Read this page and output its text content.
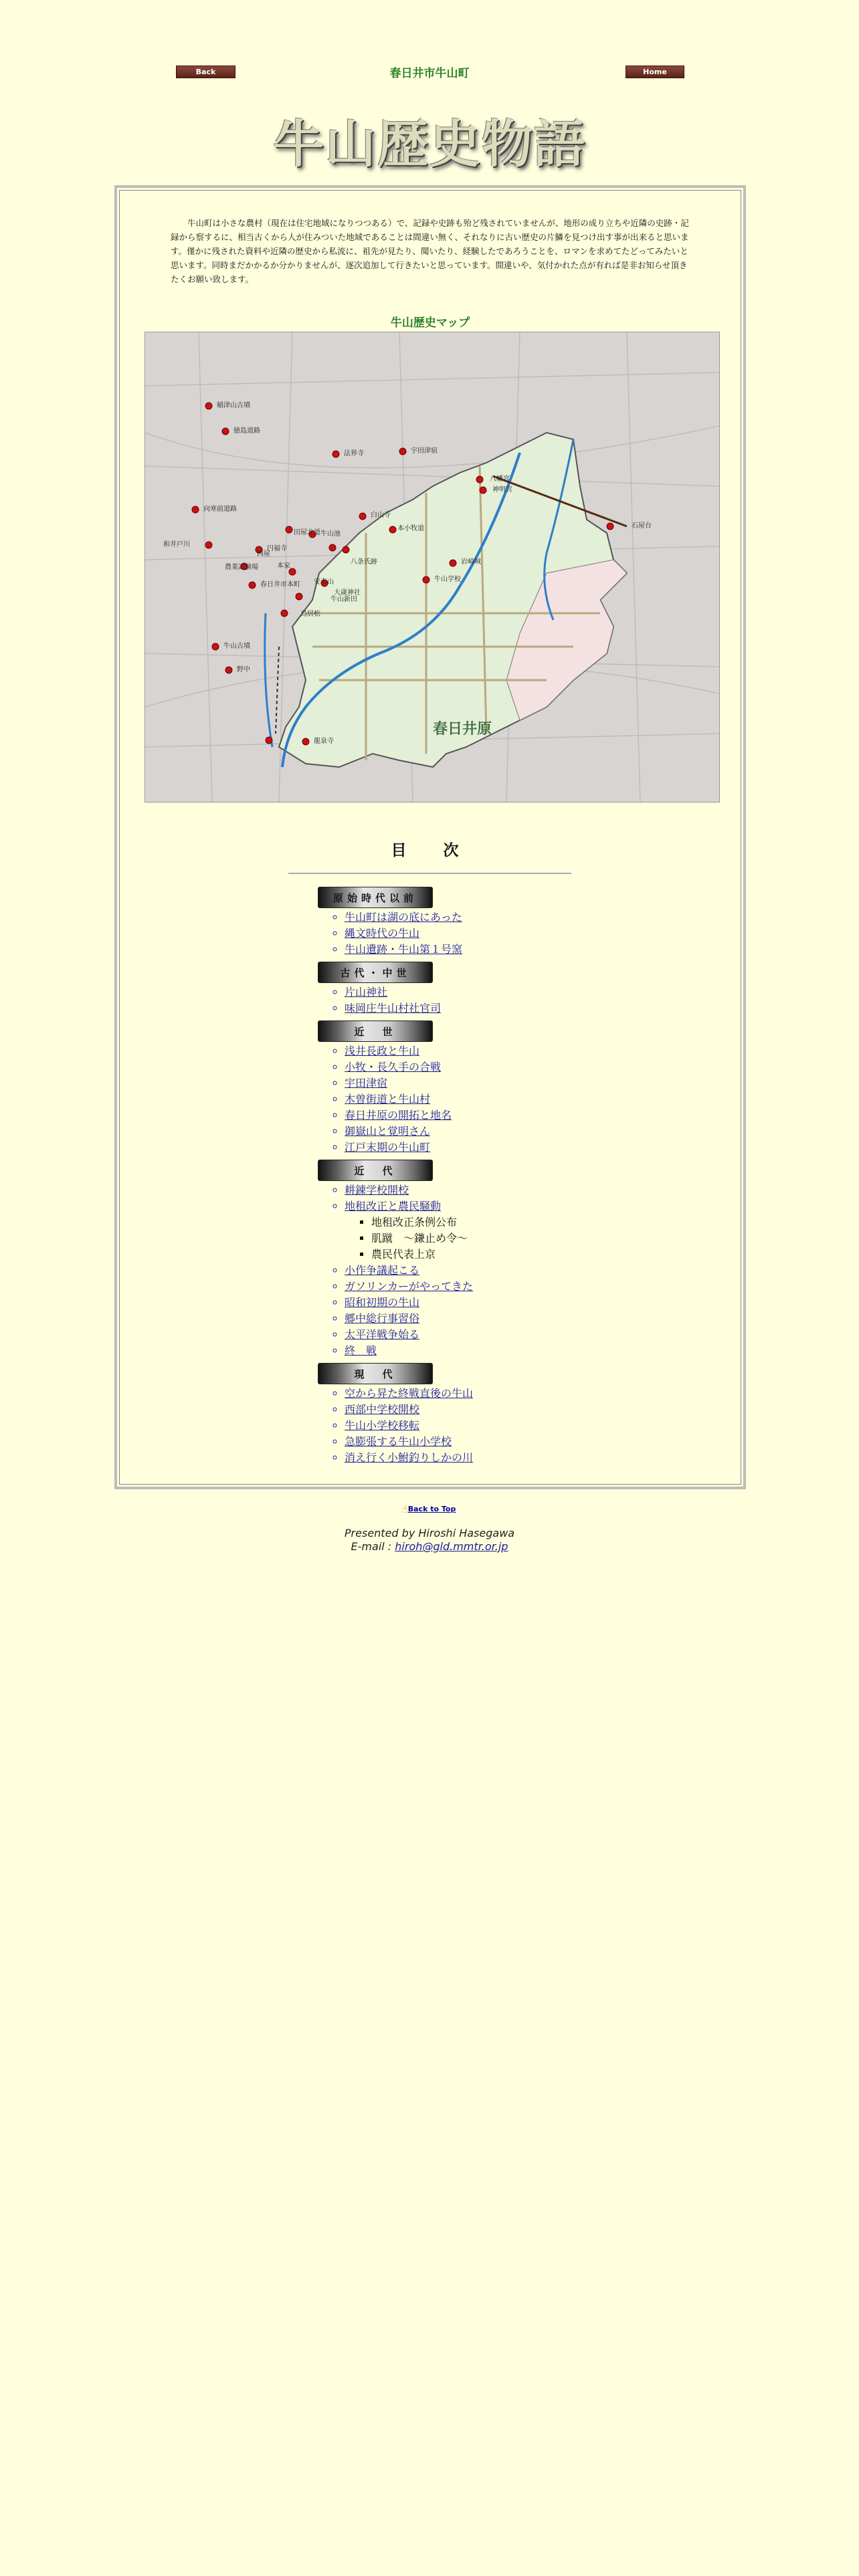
Back	春日井市牛山町	Home
牛山歴史物語
牛山町は小さな農村（現在は住宅地域になりつつある）で、記録や史跡も殆ど残されていませんが、地形の成り立ちや近隣の史跡・記録から察するに、相当古くから人が住みついた地域であることは間違い無く、それなりに古い歴史の片鱗を見つけ出す事が出来ると思います。僅かに残された資料や近隣の歴史から私流に、祖先が見たり、聞いたり、経験したであろうことを、ロマンを求めてたどってみたいと思います。同時まだかかるか分かりませんが、逐次追加して行きたいと思っています。間違いや、気付かれた点が有れば是非お知らせ頂きたくお願い致します。
牛山歴史マップ
春日井原
稲津山古墳
徳島道路
法界寺	宇田津宿
八幡宮
神明宮
和井戸川
向寒前道路
円福寺
牛山池
本小牧道
白山寺
八条氏跡	岩崎城
牛山学校
安寿山
鳥居松
牛山古墳
春日井市本町
大歳神社
牛山新田
野中
農業試験場
龍泉寺
石屋台
本家
西屋
田屋北道
目　次
原始時代以前
◦ 牛山町は湖の底にあった
◦ 縄文時代の牛山
◦ 牛山遺跡・牛山第１号窯
古代・中世
◦ 片山神社
◦ 味岡庄牛山村社官司
近　世
◦ 浅井長政と牛山
◦ 小牧・長久手の合戦
◦ 宇田津宿
◦ 木曽街道と牛山村
◦ 春日井原の開拓と地名
◦ 御嶽山と覚明さん
◦ 江戸末期の牛山町
近　代
◦ 耕錬学校開校
◦ 地租改正と農民騒動
▪ 地租改正条例公布
▪ 肌蹴　～鎌止め令～
▪ 農民代表上京
◦ 小作争議起こる
◦ ガソリンカーがやってきた
◦ 昭和初期の牛山
◦ 郷中総行事習俗
◦ 太平洋戦争始る
◦ 終　戦
現　代
◦ 空から昇た終戦直後の牛山
◦ 西部中学校開校
◦ 牛山小学校移転
◦ 急膨張する牛山小学校
◦ 消え行く小鮒釣りしかの川
☝ Back to Top
Presented by Hiroshi Hasegawa
E-mail : hiroh@gld.mmtr.or.jp
